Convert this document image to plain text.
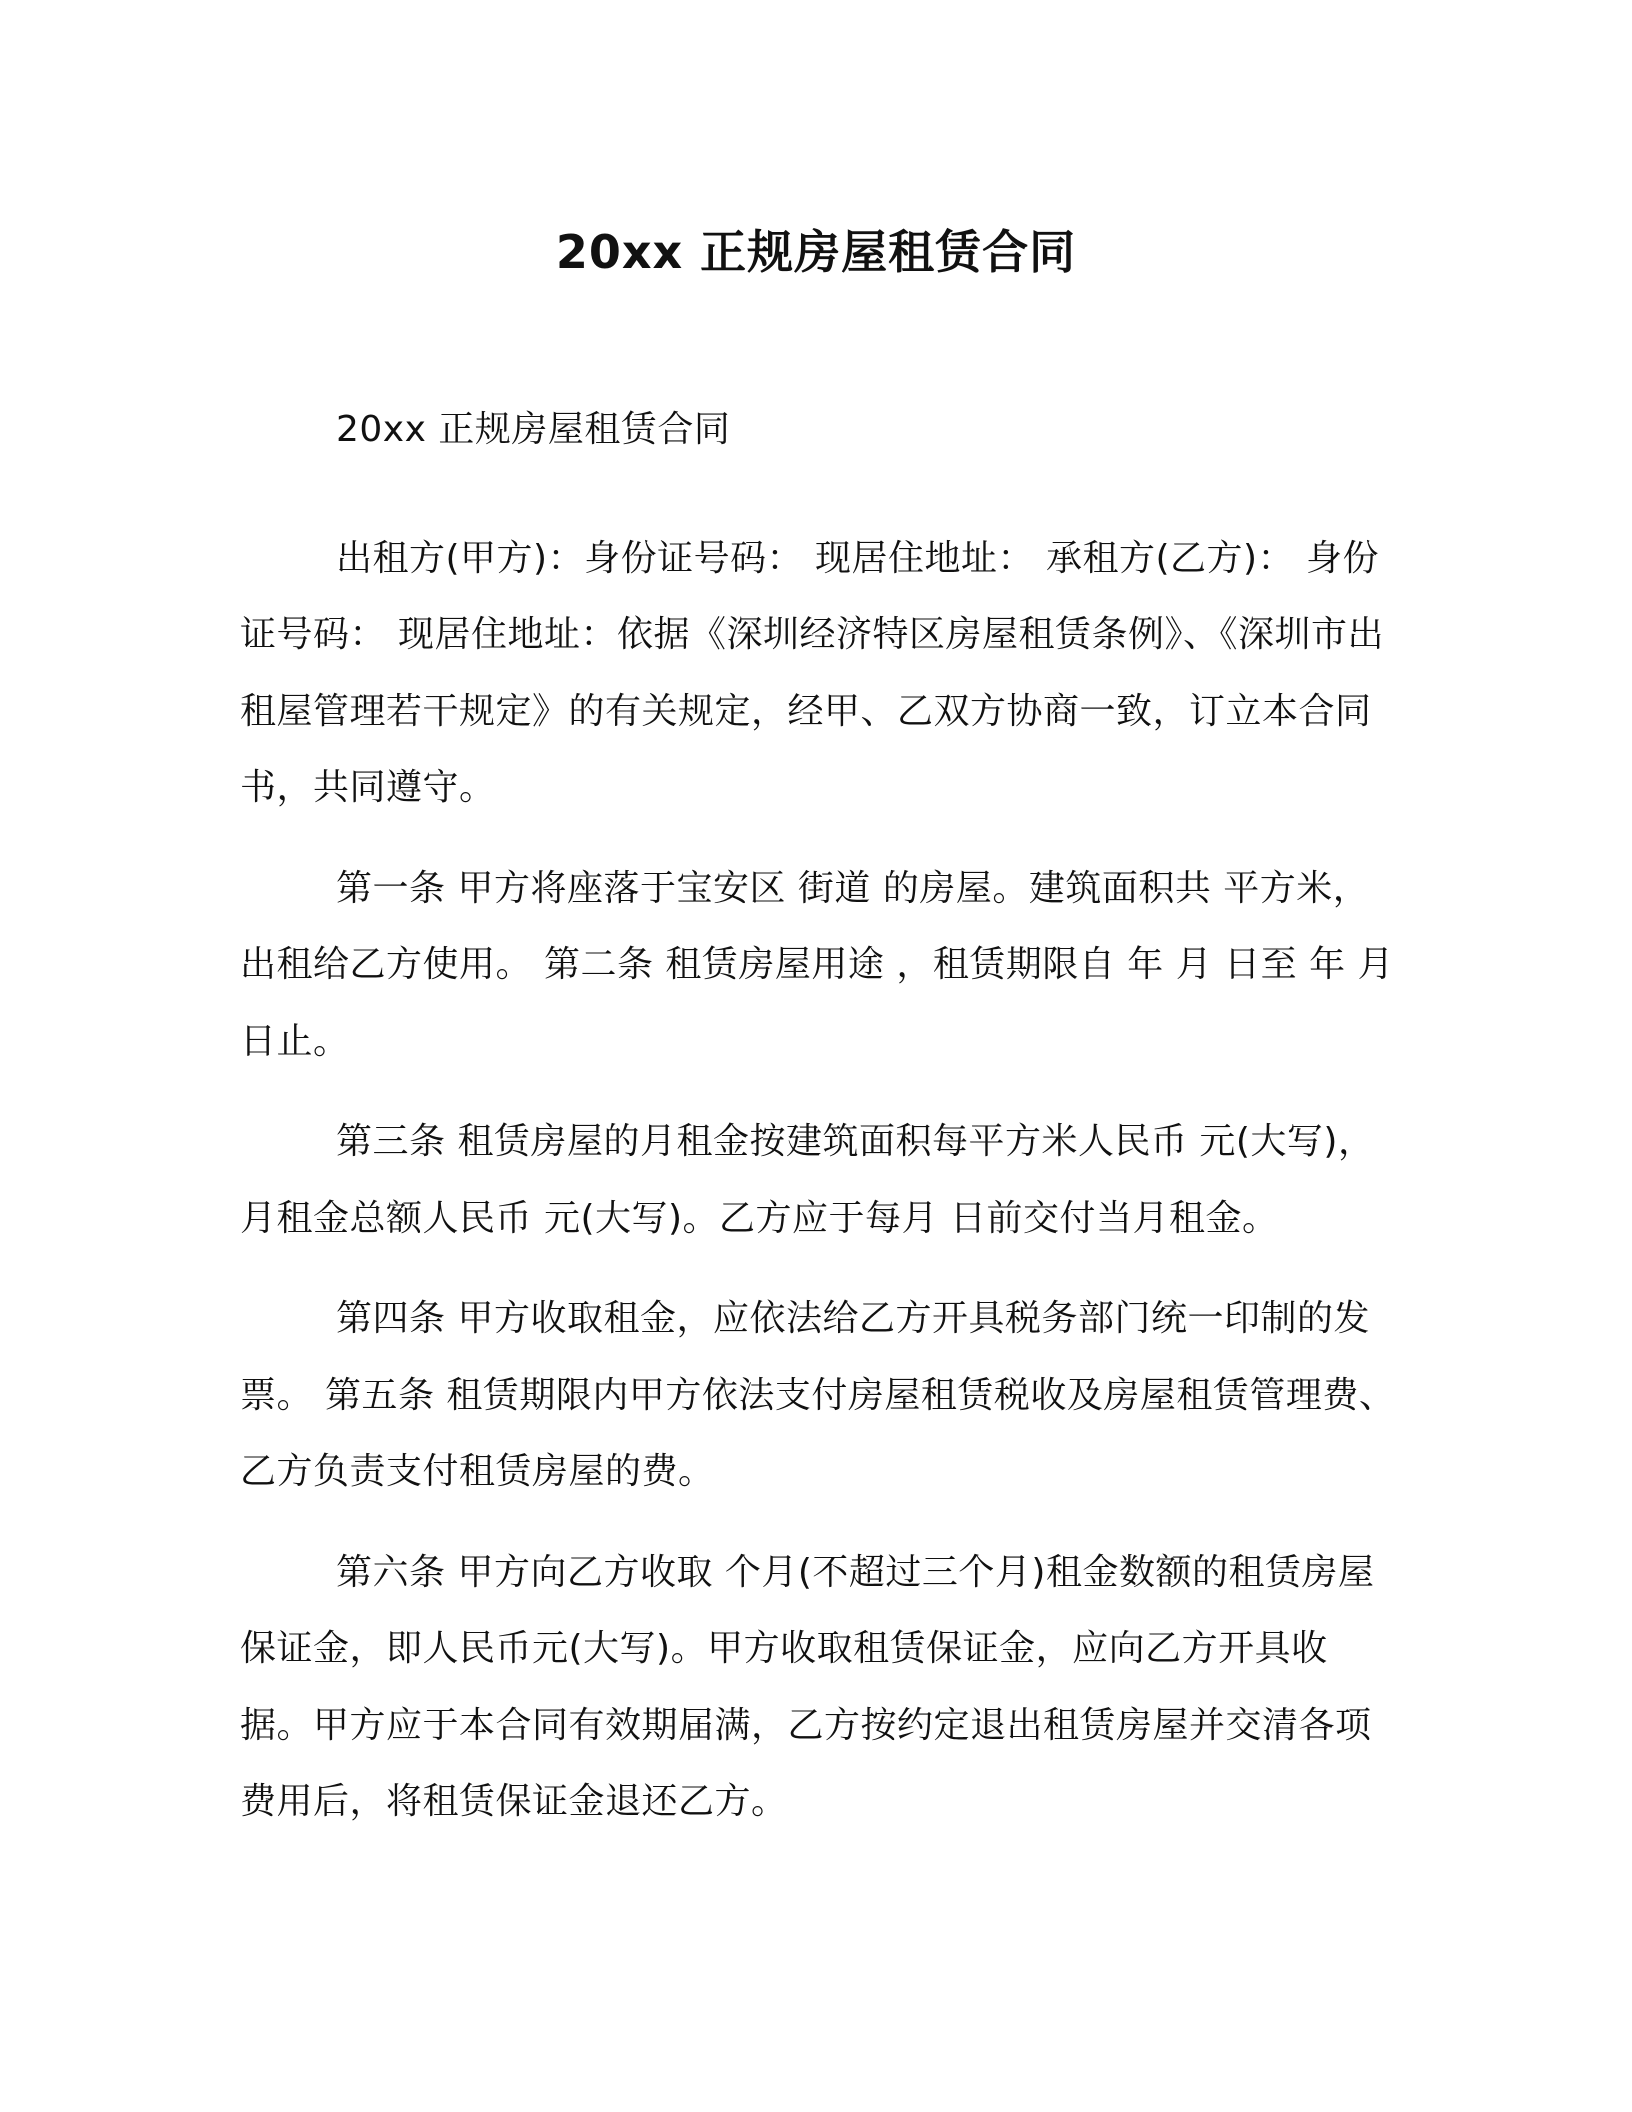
20xx 正规房屋租赁合同

20xx 正规房屋租赁合同

出租方(甲方)：身份证号码： 现居住地址： 承租方(乙方)： 身份证号码： 现居住地址：依据《深圳经济特区房屋租赁条例》、《深圳市出租屋管理若干规定》的有关规定，经甲、乙双方协商一致，订立本合同书，共同遵守。

第一条 甲方将座落于宝安区 街道 的房屋。建筑面积共 平方米，出租给乙方使用。 第二条 租赁房屋用途 ，租赁期限自 年 月 日至 年 月日止。

第三条 租赁房屋的月租金按建筑面积每平方米人民币 元(大写)，月租金总额人民币 元(大写)。乙方应于每月 日前交付当月租金。

第四条 甲方收取租金，应依法给乙方开具税务部门统一印制的发票。 第五条 租赁期限内甲方依法支付房屋租赁税收及房屋租赁管理费、乙方负责支付租赁房屋的费。

第六条 甲方向乙方收取 个月(不超过三个月)租金数额的租赁房屋保证金，即人民币元(大写)。甲方收取租赁保证金，应向乙方开具收据。甲方应于本合同有效期届满，乙方按约定退出租赁房屋并交清各项费用后，将租赁保证金退还乙方。
